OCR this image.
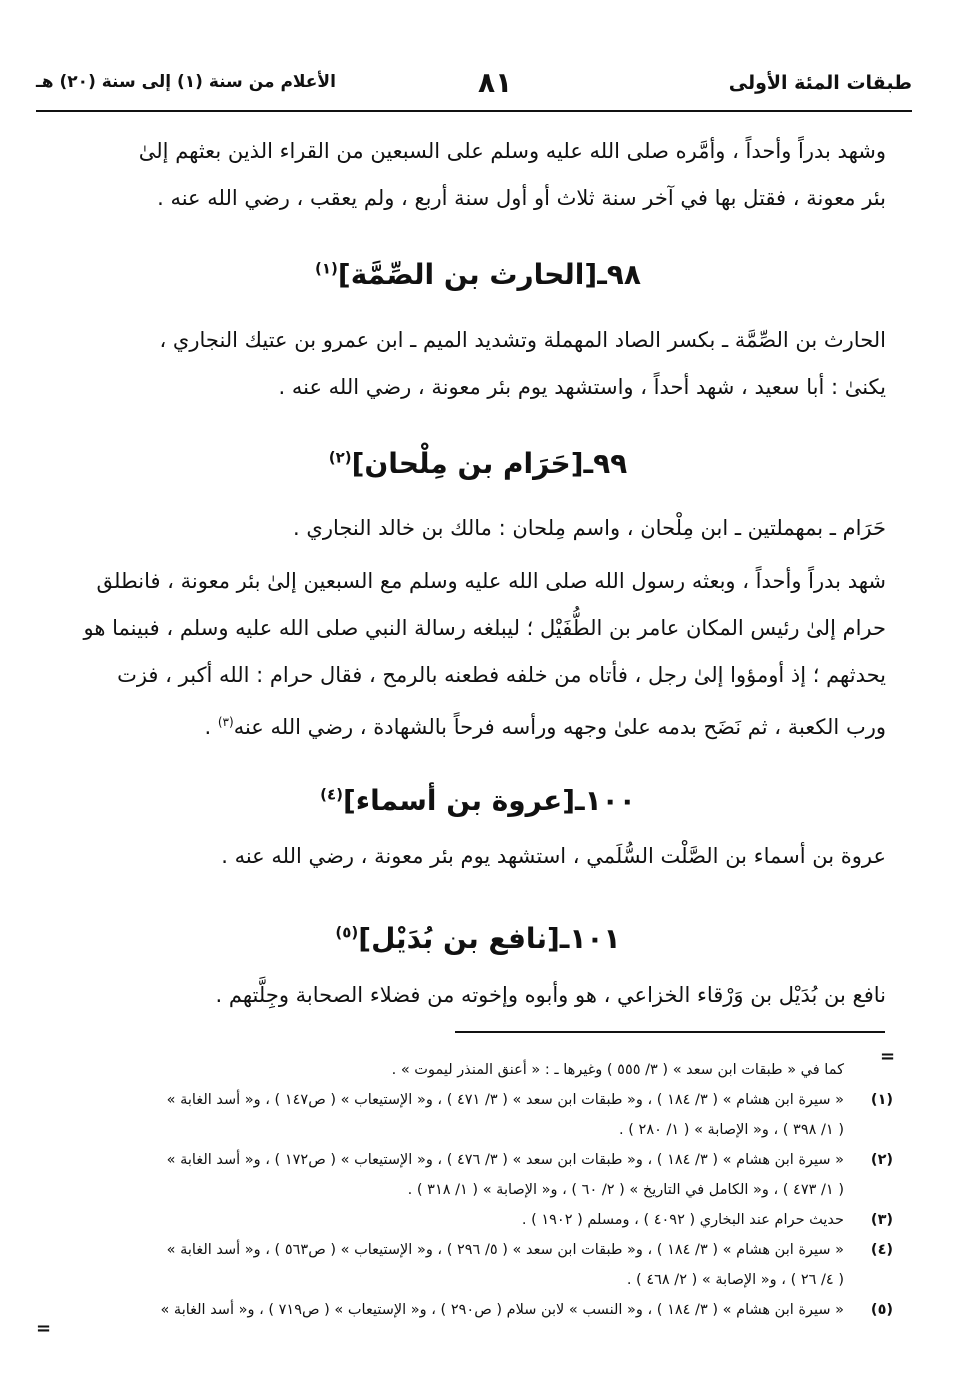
طبقات المئة الأولى
٨١
الأعلام من سنة (١) إلى سنة (٢٠) هـ
وشهد بدراً وأحداً ، وأمَّره صلى الله عليه وسلم على السبعين من القراء الذين بعثهم إلىٰ
بئر معونة ، فقتل بها في آخر سنة ثلاث أو أول سنة أربع ، ولم يعقب ، رضي الله عنه .
٩٨ـ[الحارث بن الصِّمَّة]$^{(١)}$
الحارث بن الصِّمَّة ـ بكسر الصاد المهملة وتشديد الميم ـ ابن عمرو بن عتيك النجاري ،
يكنىٰ : أبا سعيد ، شهد أحداً ، واستشهد يوم بئر معونة ، رضي الله عنه .
٩٩ـ[حَرَام بن مِلْحان]$^{(٢)}$
حَرَام ـ بمهملتين ـ ابن مِلْحان ، واسم مِلحان : مالك بن خالد النجاري .
شهد بدراً وأحداً ، وبعثه رسول الله صلى الله عليه وسلم مع السبعين إلىٰ بئر معونة ، فانطلق
حرام إلىٰ رئيس المكان عامر بن الطُّفَيْل ؛ ليبلغه رسالة النبي صلى الله عليه وسلم ، فبينما هو
يحدثهم ؛ إذ أومؤوا إلىٰ رجل ، فأتاه من خلفه فطعنه بالرمح ، فقال حرام : الله أكبر ، فزت
ورب الكعبة ، ثم نَضَح بدمه علىٰ وجهه ورأسه فرحاً بالشهادة ، رضي الله عنه$^{(٣)}$ .
١٠٠ـ[عروة بن أسماء]$^{(٤)}$
عروة بن أسماء بن الصَّلْت السُّلَمي ، استشهد يوم بئر معونة ، رضي الله عنه .
١٠١ـ[نافع بن بُدَيْل]$^{(٥)}$
نافع بن بُدَيْل بن وَرْقاء الخزاعي ، هو وأبوه وإخوته من فضلاء الصحابة وجِلَّتهم .
كما في « طبقات ابن سعد » ( ٣/ ٥٥٥ ) وغيرها ـ : « أعنق المنذر ليموت » .
(١)
« سيرة ابن هشام » ( ٣/ ١٨٤ ) ، و« طبقات ابن سعد » ( ٣/ ٤٧١ ) ، و« الإستيعاب » ( ص١٤٧ ) ، و« أسد الغابة »
( ١/ ٣٩٨ ) ، و« الإصابة » ( ١/ ٢٨٠ ) .
(٢)
« سيرة ابن هشام » ( ٣/ ١٨٤ ) ، و« طبقات ابن سعد » ( ٣/ ٤٧٦ ) ، و« الإستيعاب » ( ص١٧٢ ) ، و« أسد الغابة »
( ١/ ٤٧٣ ) ، و« الكامل في التاريخ » ( ٢/ ٦٠ ) ، و« الإصابة » ( ١/ ٣١٨ ) .
(٣)
حديث حرام عند البخاري ( ٤٠٩٢ ) ، ومسلم ( ١٩٠٢ ) .
(٤)
« سيرة ابن هشام » ( ٣/ ١٨٤ ) ، و« طبقات ابن سعد » ( ٥/ ٢٩٦ ) ، و« الإستيعاب » ( ص٥٦٣ ) ، و« أسد الغابة »
( ٤/ ٢٦ ) ، و« الإصابة » ( ٢/ ٤٦٨ ) .
(٥)
« سيرة ابن هشام » ( ٣/ ١٨٤ ) ، و« النسب » لابن سلام ( ص٢٩٠ ) ، و« الإستيعاب » ( ص٧١٩ ) ، و« أسد الغابة »
=
=
